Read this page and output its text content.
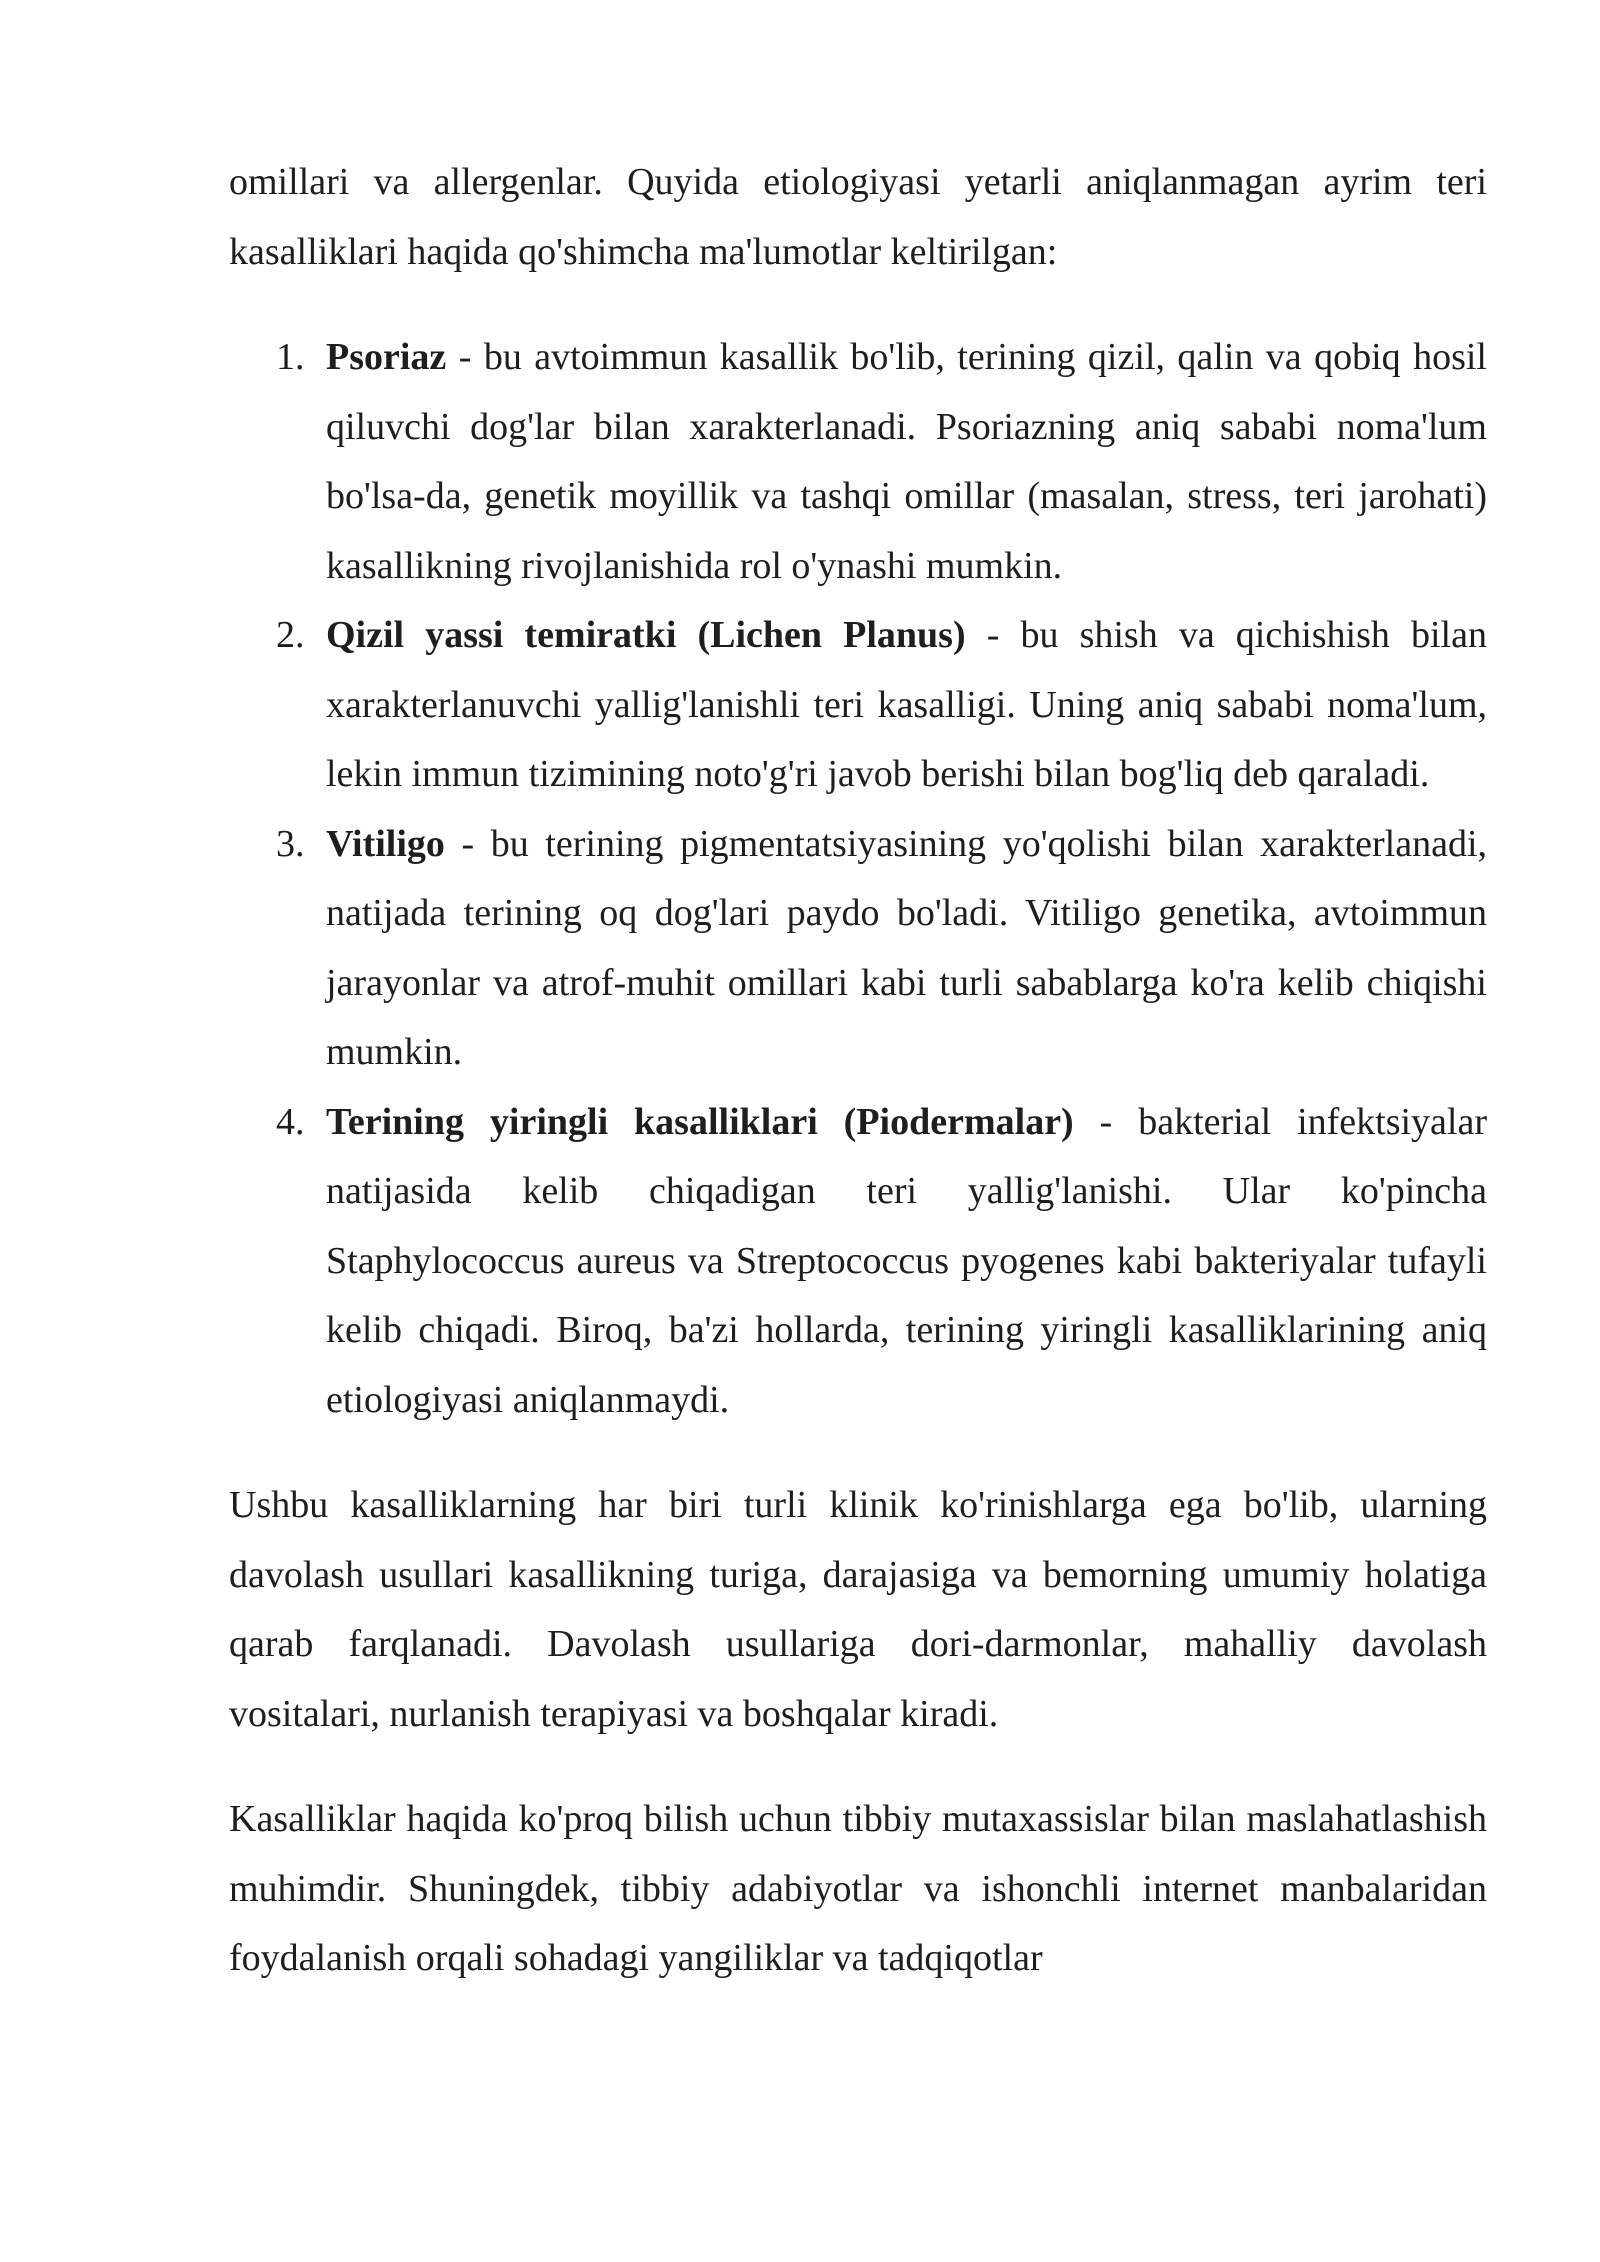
omillari va allergenlar. Quyida etiologiyasi yetarli aniqlanmagan ayrim teri kasalliklari haqida qo'shimcha ma'lumotlar keltirilgan:

1. Psoriaz - bu avtoimmun kasallik bo'lib, terining qizil, qalin va qobiq hosil qiluvchi dog'lar bilan xarakterlanadi. Psoriazning aniq sababi noma'lum bo'lsa-da, genetik moyillik va tashqi omillar (masalan, stress, teri jarohati) kasallikning rivojlanishida rol o'ynashi mumkin.
2. Qizil yassi temiratki (Lichen Planus) - bu shish va qichishish bilan xarakterlanuvchi yallig'lanishli teri kasalligi. Uning aniq sababi noma'lum, lekin immun tizimining noto'g'ri javob berishi bilan bog'liq deb qaraladi.
3. Vitiligo - bu terining pigmentatsiyasining yo'qolishi bilan xarakterlanadi, natijada terining oq dog'lari paydo bo'ladi. Vitiligo genetika, avtoimmun jarayonlar va atrof-muhit omillari kabi turli sabablarga ko'ra kelib chiqishi mumkin.
4. Terining yiringli kasalliklari (Piodermalar) - bakterial infektsiyalar natijasida kelib chiqadigan teri yallig'lanishi. Ular ko'pincha Staphylococcus aureus va Streptococcus pyogenes kabi bakteriyalar tufayli kelib chiqadi. Biroq, ba'zi hollarda, terining yiringli kasalliklarining aniq etiologiyasi aniqlanmaydi.

Ushbu kasalliklarning har biri turli klinik ko'rinishlarga ega bo'lib, ularning davolash usullari kasallikning turiga, darajasiga va bemorning umumiy holatiga qarab farqlanadi. Davolash usullariga dori-darmonlar, mahalliy davolash vositalari, nurlanish terapiyasi va boshqalar kiradi.

Kasalliklar haqida ko'proq bilish uchun tibbiy mutaxassislar bilan maslahatlashish muhimdir. Shuningdek, tibbiy adabiyotlar va ishonchli internet manbalaridan foydalanish orqali sohadagi yangiliklar va tadqiqotlar
